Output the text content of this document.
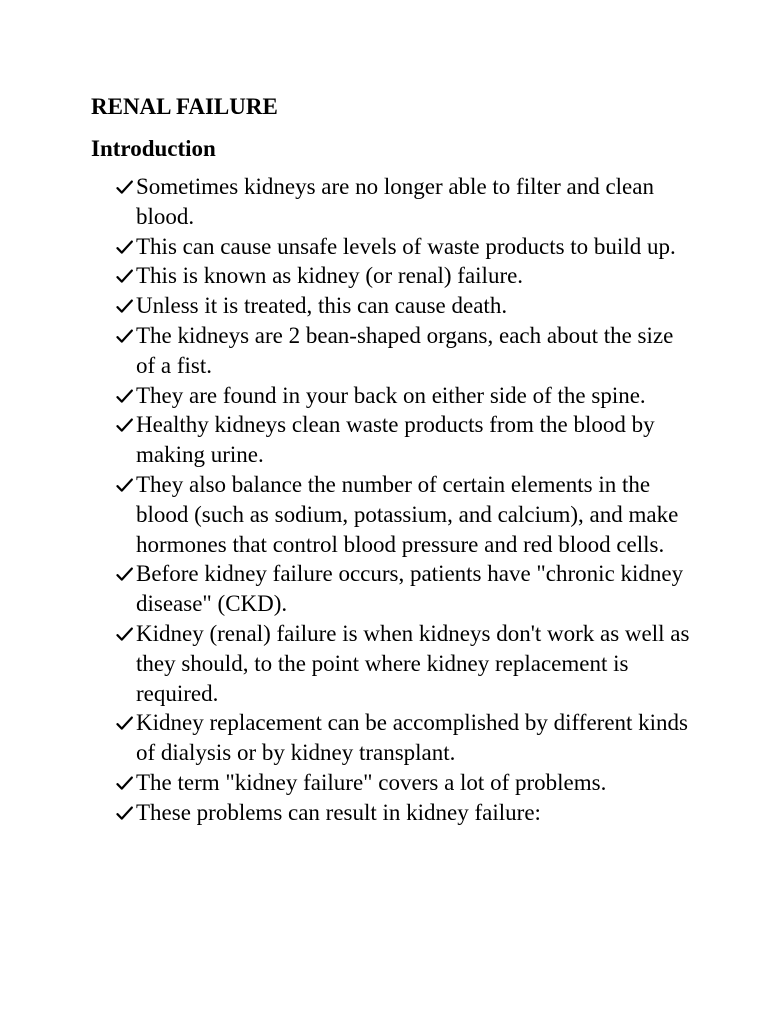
RENAL FAILURE
Introduction
Sometimes kidneys are no longer able to filter and clean blood.
This can cause unsafe levels of waste products to build up.
This is known as kidney (or renal) failure.
Unless it is treated, this can cause death.
The kidneys are 2 bean-shaped organs, each about the size of a fist.
They are found in your back on either side of the spine.
Healthy kidneys clean waste products from the blood by making urine.
They also balance the number of certain elements in the blood (such as sodium, potassium, and calcium), and make hormones that control blood pressure and red blood cells.
Before kidney failure occurs, patients have "chronic kidney disease" (CKD).
Kidney (renal) failure is when kidneys don't work as well as they should, to the point where kidney replacement is required.
Kidney replacement can be accomplished by different kinds of dialysis or by kidney transplant.
The term "kidney failure" covers a lot of problems.
These problems can result in kidney failure:
